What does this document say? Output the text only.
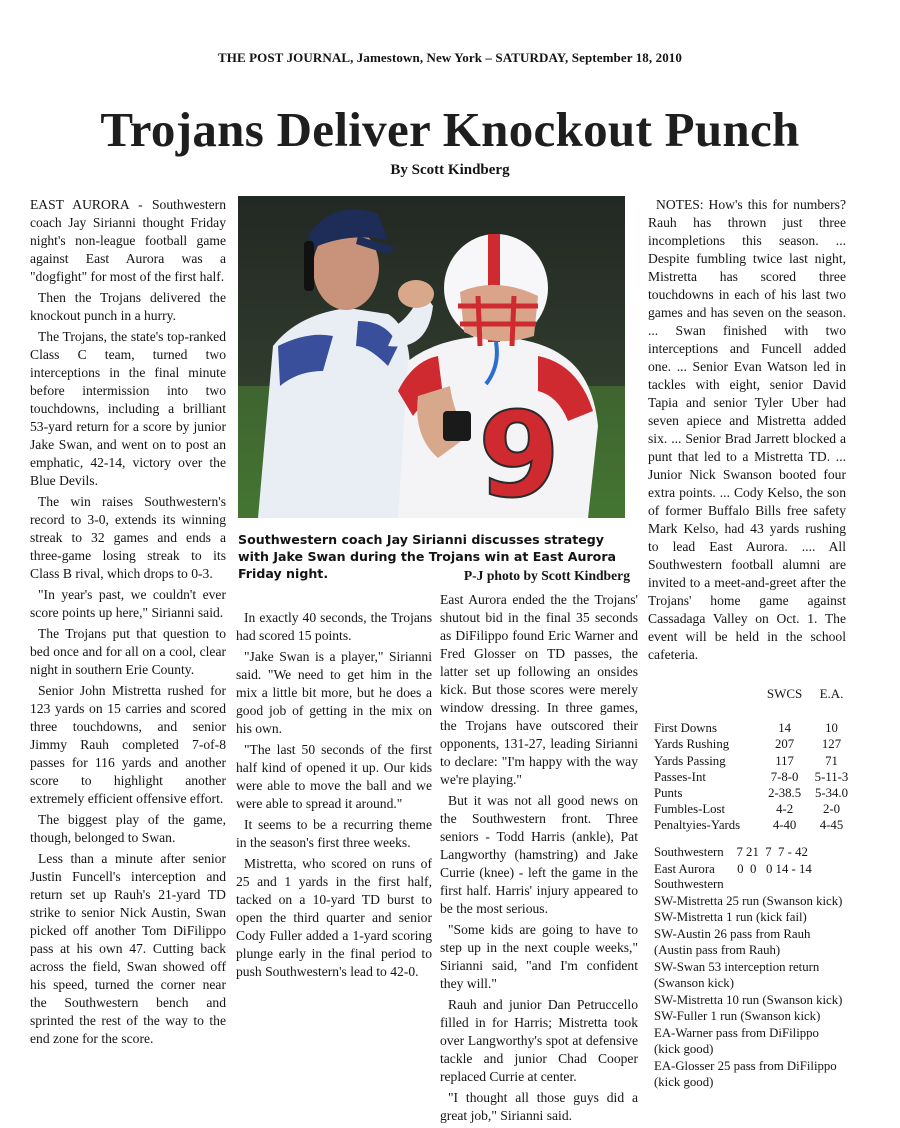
THE POST JOURNAL, Jamestown, New York – SATURDAY, September 18, 2010
Trojans Deliver Knockout Punch
By Scott Kindberg

EAST AURORA - Southwestern coach Jay Sirianni thought Friday night's non-league football game against East Aurora was a "dogfight" for most of the first half.

Then the Trojans delivered the knockout punch in a hurry.

The Trojans, the state's top-ranked Class C team, turned two interceptions in the final minute before intermission into two touchdowns, including a brilliant 53-yard return for a score by junior Jake Swan, and went on to post an emphatic, 42-14, victory over the Blue Devils.

The win raises Southwestern's record to 3-0, extends its winning streak to 32 games and ends a three-game losing streak to its Class B rival, which drops to 0-3.

"In year's past, we couldn't ever score points up here," Sirianni said.

The Trojans put that question to bed once and for all on a cool, clear night in southern Erie County.

Senior John Mistretta rushed for 123 yards on 15 carries and scored three touchdowns, and senior Jimmy Rauh completed 7-of-8 passes for 116 yards and another score to highlight another extremely efficient offensive effort.

The biggest play of the game, though, belonged to Swan.

Less than a minute after senior Justin Funcell's interception and return set up Rauh's 21-yard TD strike to senior Nick Austin, Swan picked off another Tom DiFilippo pass at his own 47. Cutting back across the field, Swan showed off his speed, turned the corner near the Southwestern bench and sprinted the rest of the way to the end zone for the score.

9
Southwestern coach Jay Sirianni discusses strategy with Jake Swan during the Trojans win at East Aurora Friday night.	P-J photo by Scott Kindberg

In exactly 40 seconds, the Trojans had scored 15 points.

"Jake Swan is a player," Sirianni said. "We need to get him in the mix a little bit more, but he does a good job of getting in the mix on his own.

"The last 50 seconds of the first half kind of opened it up. Our kids were able to move the ball and we were able to spread it around."

It seems to be a recurring theme in the season's first three weeks.

Mistretta, who scored on runs of 25 and 1 yards in the first half, tacked on a 10-yard TD burst to open the third quarter and senior Cody Fuller added a 1-yard scoring plunge early in the final period to push Southwestern's lead to 42-0.

East Aurora ended the the Trojans' shutout bid in the final 35 seconds as DiFilippo found Eric Warner and Fred Glosser on TD passes, the latter set up following an onsides kick. But those scores were merely window dressing. In three games, the Trojans have outscored their opponents, 131-27, leading Sirianni to declare: "I'm happy with the way we're playing."

But it was not all good news on the Southwestern front. Three seniors - Todd Harris (ankle), Pat Langworthy (hamstring) and Jake Currie (knee) - left the game in the first half. Harris' injury appeared to be the most serious.

"Some kids are going to have to step up in the next couple weeks," Sirianni said, "and I'm confident they will."

Rauh and junior Dan Petruccello filled in for Harris; Mistretta took over Langworthy's spot at defensive tackle and junior Chad Cooper replaced Currie at center.

"I thought all those guys did a great job," Sirianni said.

NOTES: How's this for numbers? Rauh has thrown just three incompletions this season. ... Despite fumbling twice last night, Mistretta has scored three touchdowns in each of his last two games and has seven on the season. ... Swan finished with two interceptions and Funcell added one. ... Senior Evan Watson led in tackles with eight, senior David Tapia and senior Tyler Uber had seven apiece and Mistretta added six. ... Senior Brad Jarrett blocked a punt that led to a Mistretta TD. ... Junior Nick Swanson booted four extra points. ... Cody Kelso, the son of former Buffalo Bills free safety Mark Kelso, had 43 yards rushing to lead East Aurora. .... All Southwestern football alumni are invited to a meet-and-greet after the Trojans' home game against Cassadaga Valley on Oct. 1. The event will be held in the school cafeteria.

	SWCS	E.A.
First Downs	14	10
Yards Rushing	207	127
Yards Passing	117	71
Passes-Int	7-8-0	5-11-3
Punts	2-38.5	5-34.0
Fumbles-Lost	4-2	2-0
Penaltyies-Yards	4-40	4-45
Southwestern    7 21  7  7 - 42
East Aurora       0  0   0 14 - 14
Southwestern
SW-Mistretta 25 run (Swanson kick)
SW-Mistretta 1 run (kick fail)
SW-Austin 26 pass from Rauh
(Austin pass from Rauh)
SW-Swan 53 interception return
(Swanson kick)
SW-Mistretta 10 run (Swanson kick)
SW-Fuller 1 run (Swanson kick)
EA-Warner pass from DiFilippo
(kick good)
EA-Glosser 25 pass from DiFilippo
(kick good)
